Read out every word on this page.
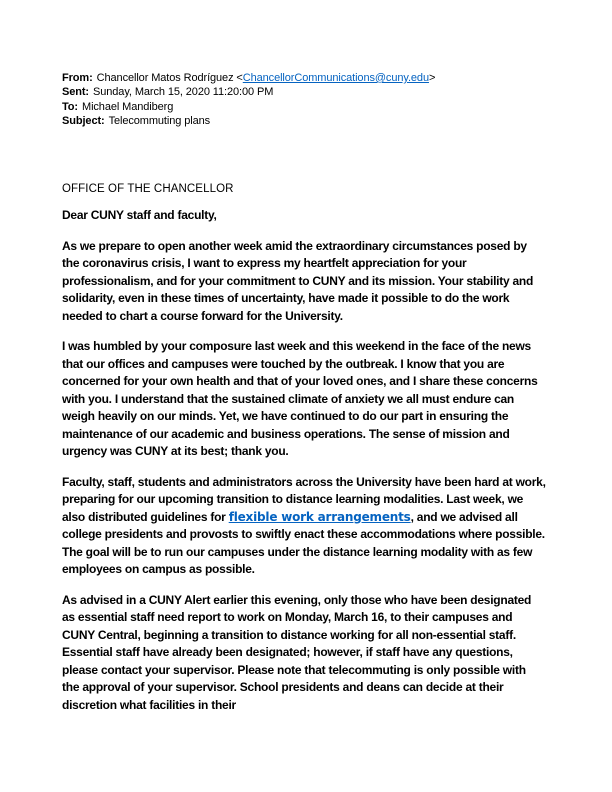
From: Chancellor Matos Rodríguez <ChancellorCommunications@cuny.edu>
Sent: Sunday, March 15, 2020 11:20:00 PM
To: Michael Mandiberg
Subject: Telecommuting plans
OFFICE OF THE CHANCELLOR

Dear CUNY staff and faculty,

As we prepare to open another week amid the extraordinary circumstances posed by the coronavirus crisis, I want to express my heartfelt appreciation for your professionalism, and for your commitment to CUNY and its mission. Your stability and solidarity, even in these times of uncertainty, have made it possible to do the work needed to chart a course forward for the University.

I was humbled by your composure last week and this weekend in the face of the news that our offices and campuses were touched by the outbreak. I know that you are concerned for your own health and that of your loved ones, and I share these concerns with you. I understand that the sustained climate of anxiety we all must endure can weigh heavily on our minds. Yet, we have continued to do our part in ensuring the maintenance of our academic and business operations. The sense of mission and urgency was CUNY at its best; thank you.

Faculty, staff, students and administrators across the University have been hard at work, preparing for our upcoming transition to distance learning modalities. Last week, we also distributed guidelines for flexible work arrangements, and we advised all college presidents and provosts to swiftly enact these accommodations where possible. The goal will be to run our campuses under the distance learning modality with as few employees on campus as possible.

As advised in a CUNY Alert earlier this evening, only those who have been designated as essential staff need report to work on Monday, March 16, to their campuses and CUNY Central, beginning a transition to distance working for all non-essential staff. Essential staff have already been designated; however, if staff have any questions, please contact your supervisor. Please note that telecommuting is only possible with the approval of your supervisor. School presidents and deans can decide at their discretion what facilities in their
